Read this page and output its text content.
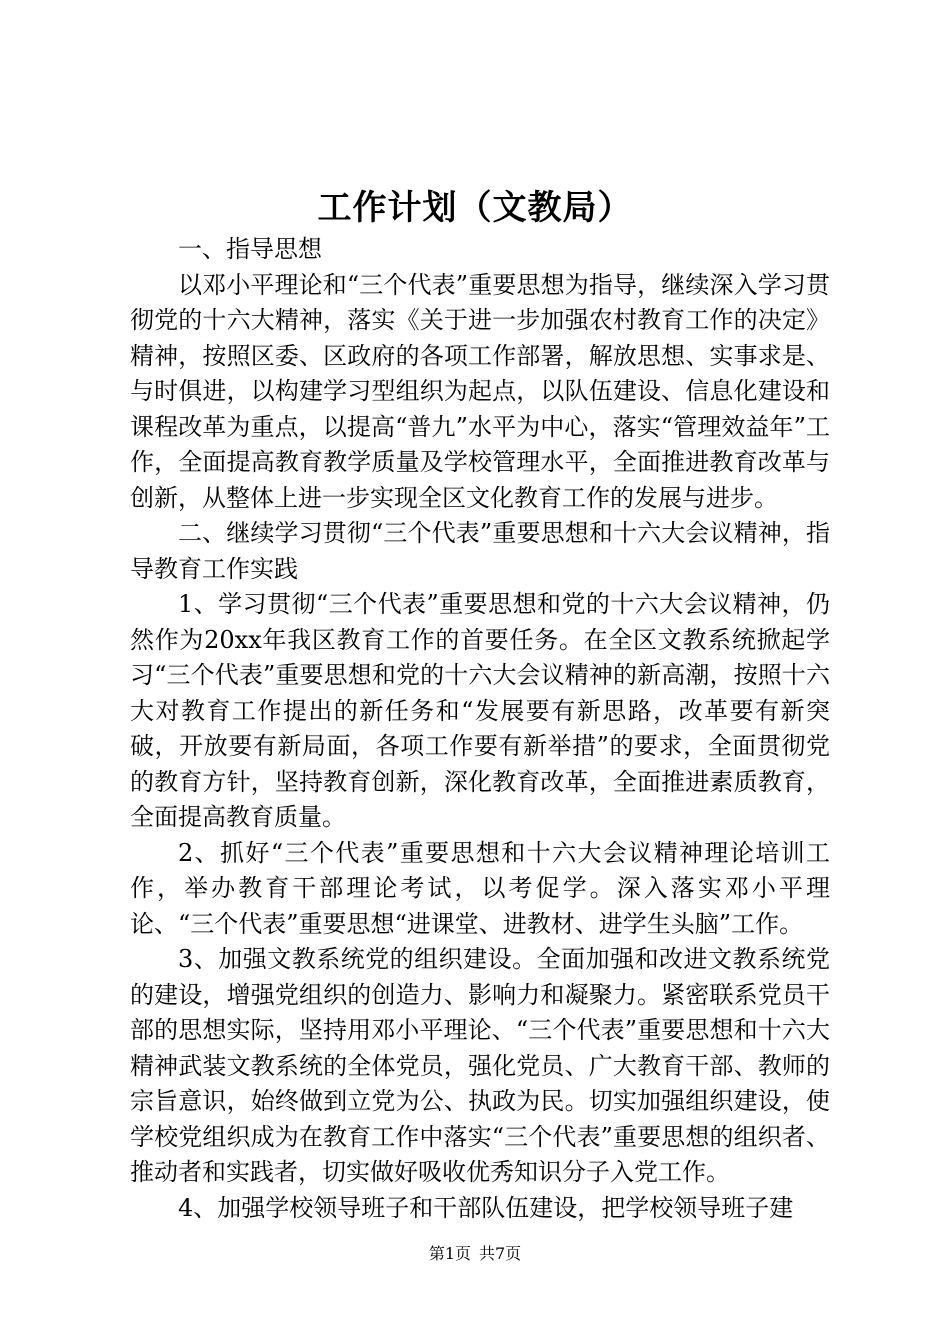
工作计划（文教局）

一、指导思想

以邓小平理论和“三个代表”重要思想为指导，继续深入学习贯彻党的十六大精神，落实《关于进一步加强农村教育工作的决定》精神，按照区委、区政府的各项工作部署，解放思想、实事求是、与时俱进，以构建学习型组织为起点，以队伍建设、信息化建设和课程改革为重点，以提高“普九”水平为中心，落实“管理效益年”工作，全面提高教育教学质量及学校管理水平，全面推进教育改革与创新，从整体上进一步实现全区文化教育工作的发展与进步。

二、继续学习贯彻“三个代表”重要思想和十六大会议精神，指导教育工作实践

1、学习贯彻“三个代表”重要思想和党的十六大会议精神，仍然作为20xx年我区教育工作的首要任务。在全区文教系统掀起学习“三个代表”重要思想和党的十六大会议精神的新高潮，按照十六大对教育工作提出的新任务和“发展要有新思路，改革要有新突破，开放要有新局面，各项工作要有新举措”的要求，全面贯彻党的教育方针，坚持教育创新，深化教育改革，全面推进素质教育，全面提高教育质量。

2、抓好“三个代表”重要思想和十六大会议精神理论培训工作，举办教育干部理论考试，以考促学。深入落实邓小平理论、“三个代表”重要思想“进课堂、进教材、进学生头脑”工作。

3、加强文教系统党的组织建设。全面加强和改进文教系统党的建设，增强党组织的创造力、影响力和凝聚力。紧密联系党员干部的思想实际，坚持用邓小平理论、“三个代表”重要思想和十六大精神武装文教系统的全体党员，强化党员、广大教育干部、教师的宗旨意识，始终做到立党为公、执政为民。切实加强组织建设，使学校党组织成为在教育工作中落实“三个代表”重要思想的组织者、推动者和实践者，切实做好吸收优秀知识分子入党工作。

4、加强学校领导班子和干部队伍建设，把学校领导班子建

第1页 共7页
